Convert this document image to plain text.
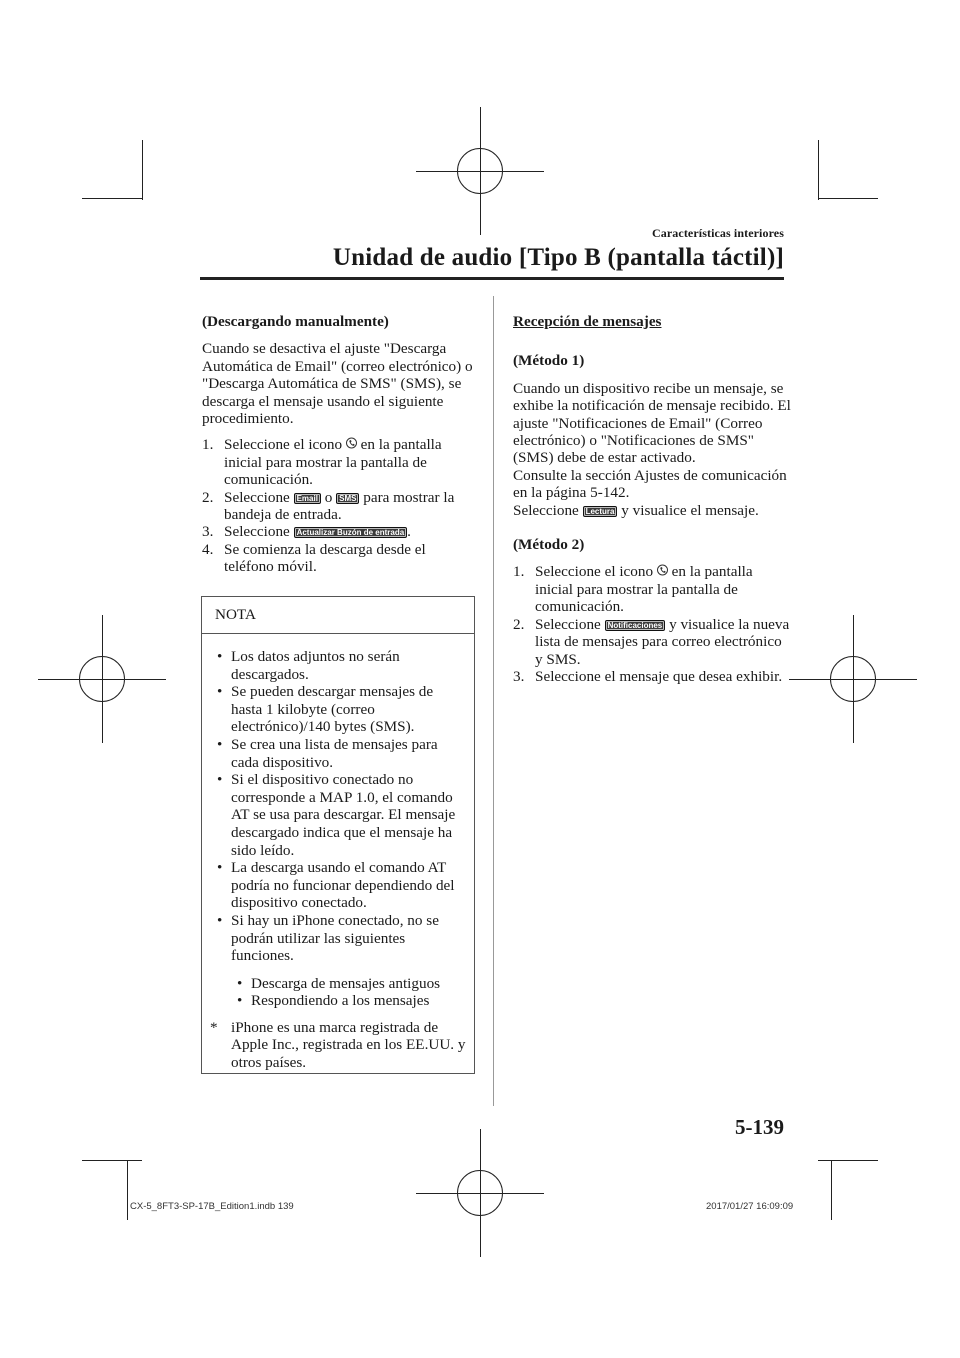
Características interiores
Unidad de audio [Tipo B (pantalla táctil)]

(Descargando manualmente)

Cuando se desactiva el ajuste "Descarga Automática de Email" (correo electrónico) o "Descarga Automática de SMS" (SMS), se descarga el mensaje usando el siguiente procedimiento.

1. Seleccione el icono en la pantalla inicial para mostrar la pantalla de comunicación.
2. Seleccione Email o SMS para mostrar la bandeja de entrada.
3. Seleccione Actualizar Buzón de entrada .
4. Se comienza la descarga desde el teléfono móvil.
NOTA
• Los datos adjuntos no serán descargados.
• Se pueden descargar mensajes de hasta 1 kilobyte (correo electrónico)/140 bytes (SMS).
• Se crea una lista de mensajes para cada dispositivo.
• Si el dispositivo conectado no corresponde a MAP 1.0, el comando AT se usa para descargar. El mensaje descargado indica que el mensaje ha sido leído.
• La descarga usando el comando AT podría no funcionar dependiendo del dispositivo conectado.
• Si hay un iPhone conectado, no se podrán utilizar las siguientes funciones.
• Descarga de mensajes antiguos
• Respondiendo a los mensajes
* iPhone es una marca registrada de Apple Inc., registrada en los EE.UU. y otros países.

Recepción de mensajes

(Método 1)

Cuando un dispositivo recibe un mensaje, se exhibe la notificación de mensaje recibido. El ajuste "Notificaciones de Email" (Correo electrónico) o "Notificaciones de SMS" (SMS) debe de estar activado.

Consulte la sección Ajustes de comunicación en la página 5-142.

Seleccione Lectura y visualice el mensaje.

(Método 2)

1. Seleccione el icono en la pantalla inicial para mostrar la pantalla de comunicación.
2. Seleccione Notificaciones y visualice la nueva lista de mensajes para correo electrónico y SMS.
3. Seleccione el mensaje que desea exhibir.
5-139
CX-5_8FT3-SP-17B_Edition1.indb 139	2017/01/27 16:09:09
